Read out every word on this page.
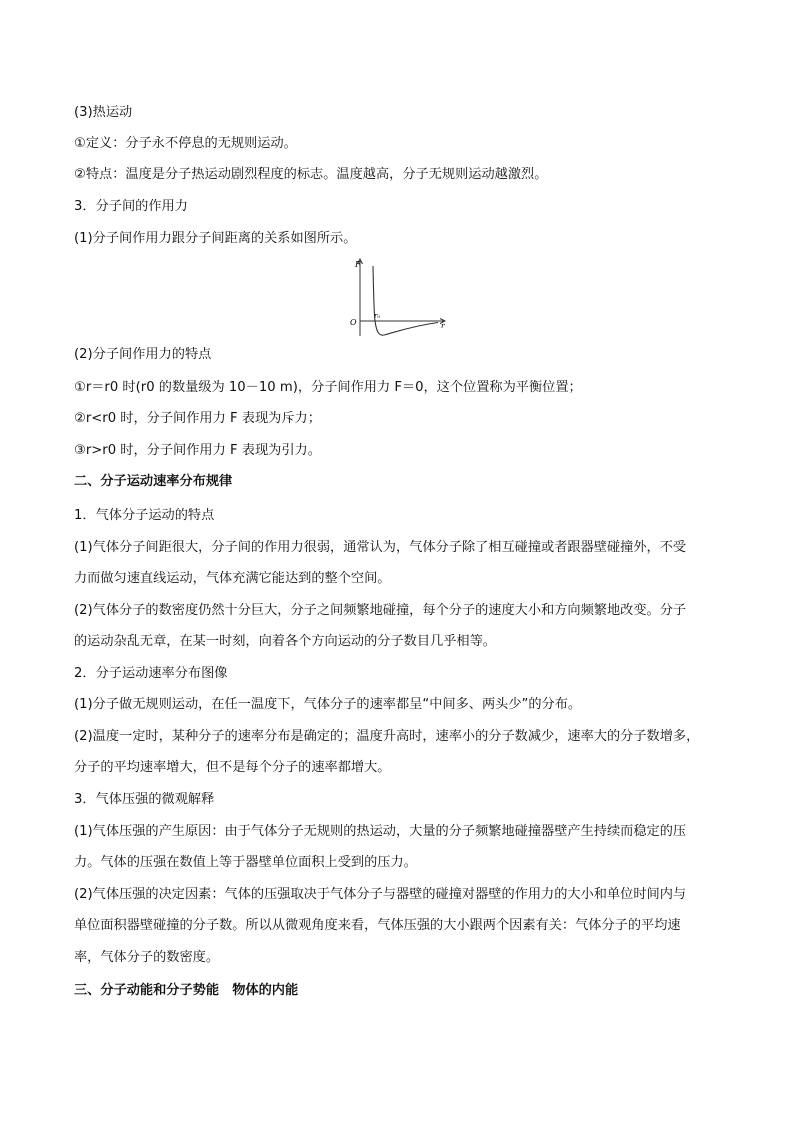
(3)热运动
①定义：分子永不停息的无规则运动。
②特点：温度是分子热运动剧烈程度的标志。温度越高，分子无规则运动越激烈。
3．分子间的作用力
(1)分子间作用力跟分子间距离的关系如图所示。
F
r
O
r₀
(2)分子间作用力的特点
①r＝r0 时(r0 的数量级为 10－10 m)，分子间作用力 F＝0，这个位置称为平衡位置；
②r<r0 时，分子间作用力 F 表现为斥力；
③r>r0 时，分子间作用力 F 表现为引力。
二、分子运动速率分布规律
1．气体分子运动的特点
(1)气体分子间距很大，分子间的作用力很弱，通常认为，气体分子除了相互碰撞或者跟器壁碰撞外，不受
力而做匀速直线运动，气体充满它能达到的整个空间。
(2)气体分子的数密度仍然十分巨大，分子之间频繁地碰撞，每个分子的速度大小和方向频繁地改变。分子
的运动杂乱无章，在某一时刻，向着各个方向运动的分子数目几乎相等。
2．分子运动速率分布图像
(1)分子做无规则运动，在任一温度下，气体分子的速率都呈“中间多、两头少”的分布。
(2)温度一定时，某种分子的速率分布是确定的；温度升高时，速率小的分子数减少，速率大的分子数增多，
分子的平均速率增大，但不是每个分子的速率都增大。
3．气体压强的微观解释
(1)气体压强的产生原因：由于气体分子无规则的热运动，大量的分子频繁地碰撞器壁产生持续而稳定的压
力。气体的压强在数值上等于器壁单位面积上受到的压力。
(2)气体压强的决定因素：气体的压强取决于气体分子与器壁的碰撞对器壁的作用力的大小和单位时间内与
单位面积器壁碰撞的分子数。所以从微观角度来看，气体压强的大小跟两个因素有关：气体分子的平均速
率，气体分子的数密度。
三、分子动能和分子势能　物体的内能
